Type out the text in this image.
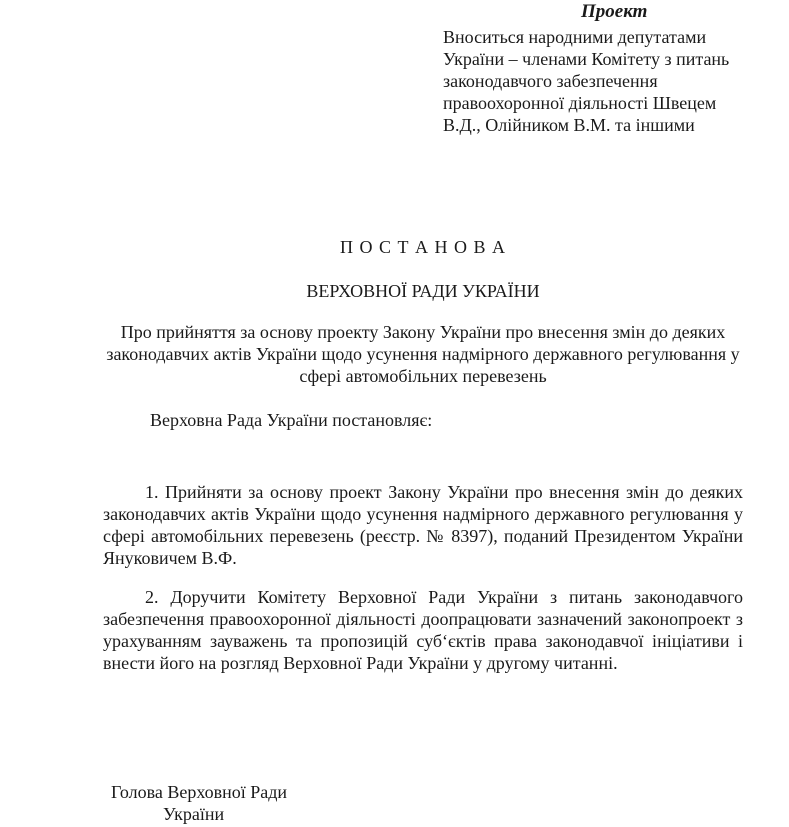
Проект
Вноситься народними депутатами України – членами Комітету з питань законодавчого забезпечення правоохоронної діяльності Швецем В.Д., Олійником В.М. та іншими
П О С Т А Н О В А
ВЕРХОВНОЇ РАДИ УКРАЇНИ
Про прийняття за основу проекту Закону України про внесення змін до деяких законодавчих актів України щодо усунення надмірного державного регулювання у сфері автомобільних перевезень
Верховна Рада України постановляє:
1. Прийняти за основу проект Закону України про внесення змін до деяких законодавчих актів України щодо усунення надмірного державного регулювання у сфері автомобільних перевезень (реєстр. № 8397), поданий Президентом України Януковичем В.Ф.
2. Доручити Комітету Верховної Ради України з питань законодавчого забезпечення правоохоронної діяльності доопрацювати зазначений законопроект з урахуванням зауважень та пропозицій суб‘єктів права законодавчої ініціативи і внести його на розгляд Верховної Ради України у другому читанні.
Голова Верховної Ради
України
